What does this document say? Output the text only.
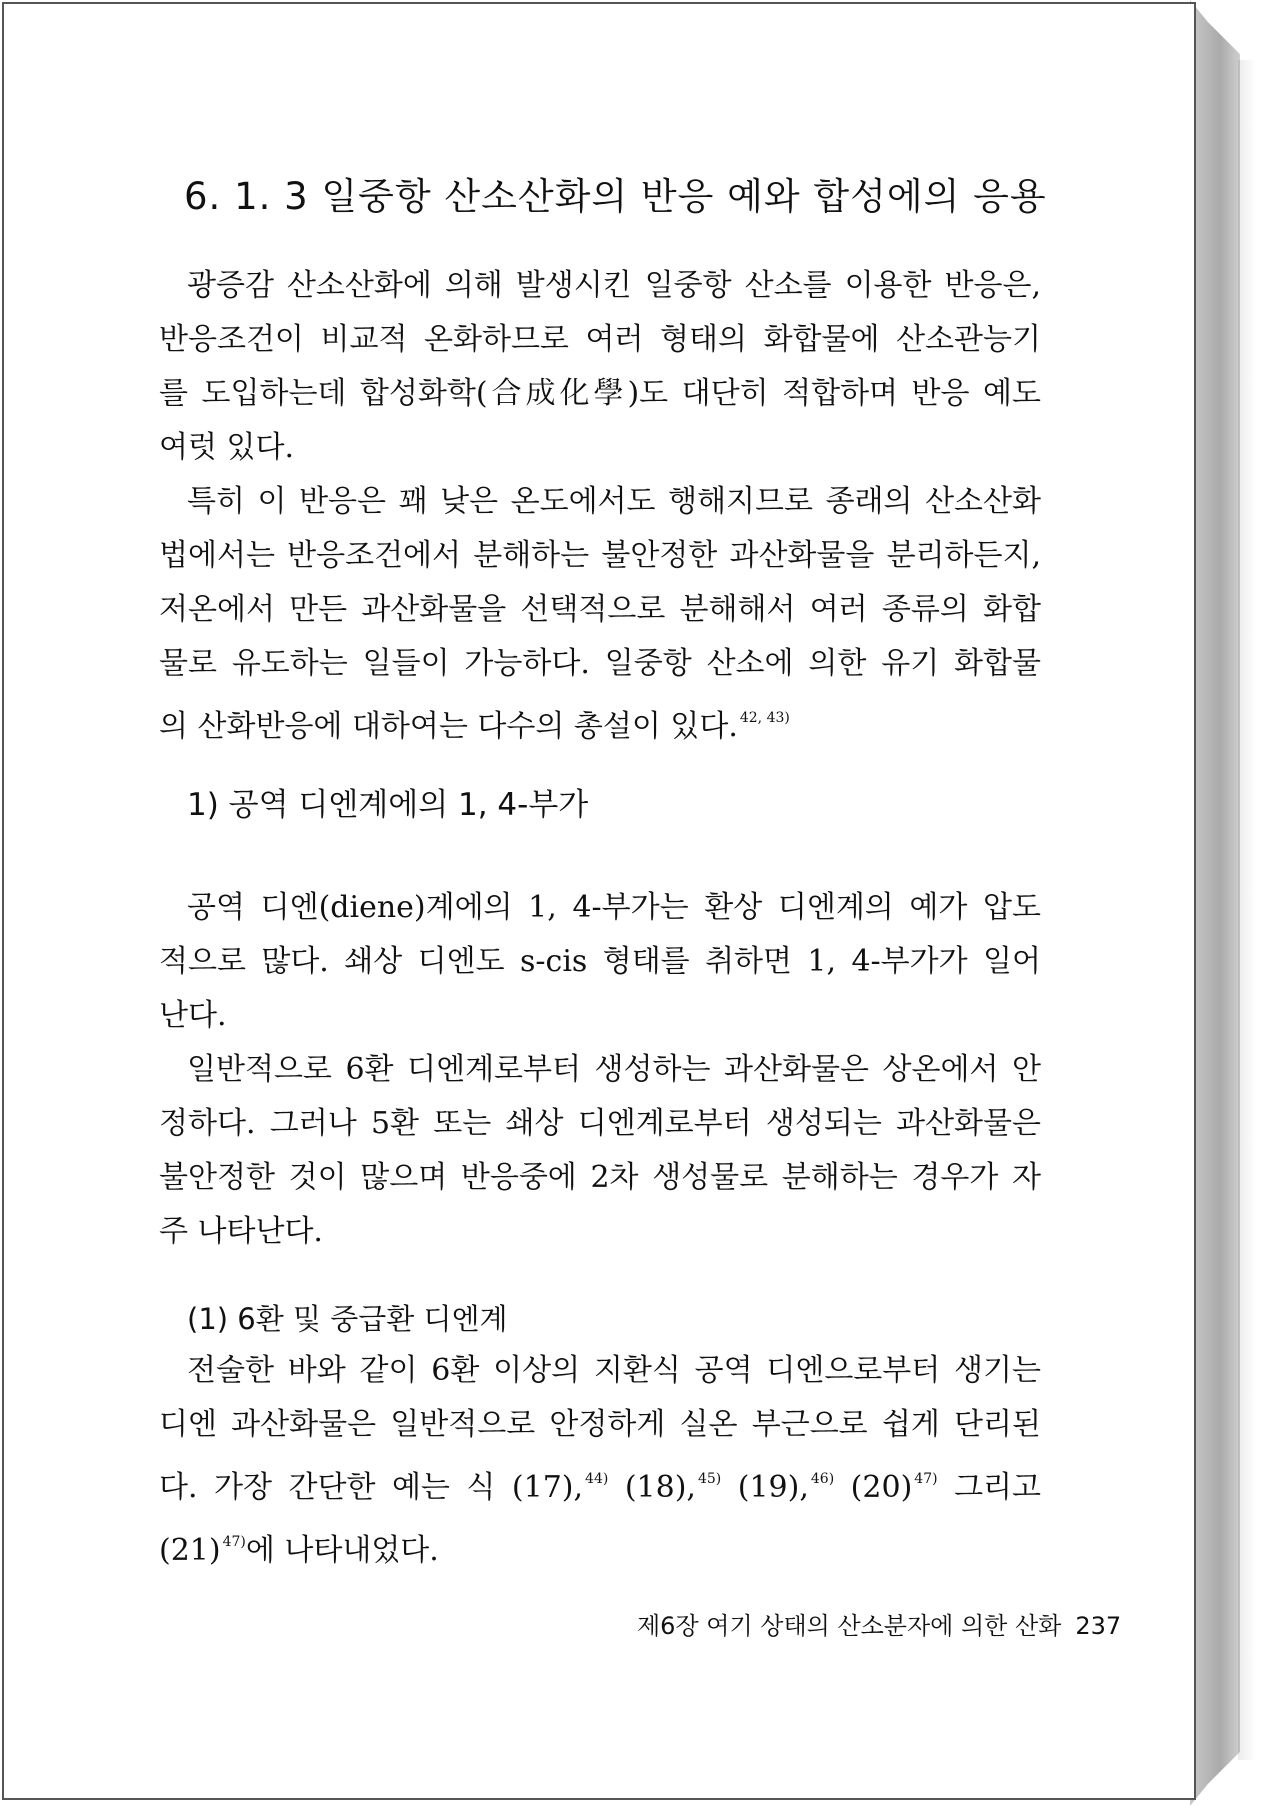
6. 1. 3 일중항 산소산화의 반응 예와 합성에의 응용

광증감 산소산화에 의해 발생시킨 일중항 산소를 이용한 반응은,
반응조건이 비교적 온화하므로 여러 형태의 화합물에 산소관능기
를 도입하는데 합성화학(合成化學)도 대단히 적합하며 반응 예도
여럿 있다.

특히 이 반응은 꽤 낮은 온도에서도 행해지므로 종래의 산소산화
법에서는 반응조건에서 분해하는 불안정한 과산화물을 분리하든지,
저온에서 만든 과산화물을 선택적으로 분해해서 여러 종류의 화합
물로 유도하는 일들이 가능하다. 일중항 산소에 의한 유기 화합물
의 산화반응에 대하여는 다수의 총설이 있다. $^{42, 43)}$

1) 공역 디엔계에의 1, 4-부가

공역 디엔(diene)계에의 1, 4-부가는 환상 디엔계의 예가 압도
적으로 많다. 쇄상 디엔도 s-cis 형태를 취하면 1, 4-부가가 일어
난다.

일반적으로 6환 디엔계로부터 생성하는 과산화물은 상온에서 안
정하다. 그러나 5환 또는 쇄상 디엔계로부터 생성되는 과산화물은
불안정한 것이 많으며 반응중에 2차 생성물로 분해하는 경우가 자
주 나타난다.

(1) 6환 및 중급환 디엔계

전술한 바와 같이 6환 이상의 지환식 공역 디엔으로부터 생기는
디엔 과산화물은 일반적으로 안정하게 실온 부근으로 쉽게 단리된
다. 가장 간단한 예는 식 (17), $^{44)}$ (18), $^{45)}$ (19), $^{46)}$ (20) $^{47)}$ 그리고
(21) $^{47)}$에 나타내었다.

제6장 여기 상태의 산소분자에 의한 산화 237
